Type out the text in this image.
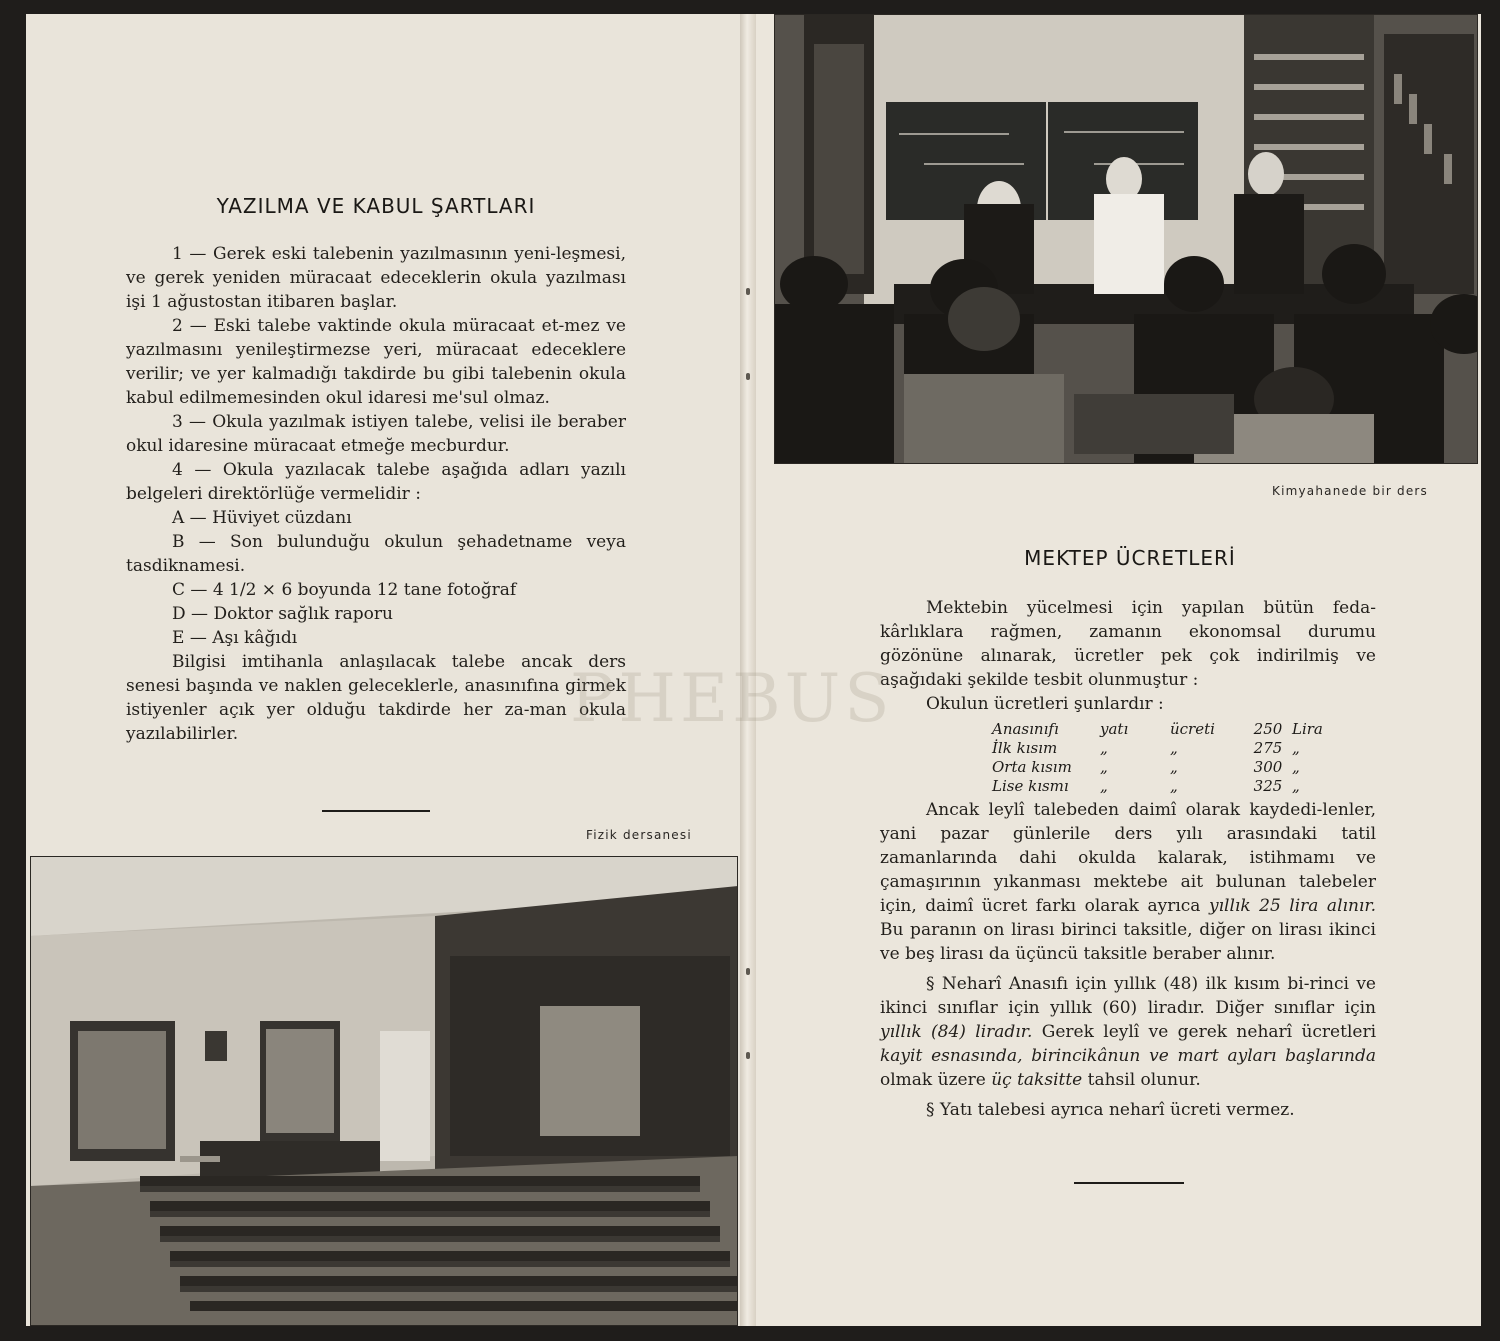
YAZILMA VE KABUL ŞARTLARI

1 — Gerek eski talebenin yazılmasının yeni-leşmesi, ve gerek yeniden müracaat edeceklerin okula yazılması işi 1 ağustostan itibaren başlar.

2 — Eski talebe vaktinde okula müracaat et-mez ve yazılmasını yenileştirmezse yeri, müracaat edeceklere verilir; ve yer kalmadığı takdirde bu gibi talebenin okula kabul edilmemesinden okul idaresi me'sul olmaz.

3 — Okula yazılmak istiyen talebe, velisi ile beraber okul idaresine müracaat etmeğe mecburdur.

4 — Okula yazılacak talebe aşağıda adları yazılı belgeleri direktörlüğe vermelidir :

A — Hüviyet cüzdanı

B — Son bulunduğu okulun şehadetname veya tasdiknamesi.

C — 4 1/2 × 6 boyunda 12 tane fotoğraf

D — Doktor sağlık raporu

E — Aşı kâğıdı

Bilgisi imtihanla anlaşılacak talebe ancak ders senesi başında ve naklen geleceklerle, anasınıfına girmek istiyenler açık yer olduğu takdirde her za-man okula yazılabilirler.

Fizik dersanesi
Kimyahanede bir ders
MEKTEP ÜCRETLERİ

Mektebin yücelmesi için yapılan bütün feda-kârlıklara rağmen, zamanın ekonomsal durumu gözönüne alınarak, ücretler pek çok indirilmiş ve aşağıdaki şekilde tesbit olunmuştur :

Okulun ücretleri şunlardır :

Anasınıfı	yatı	ücreti	250 Lira
İlk kısım	„	„	275 „
Orta kısım	„	„	300 „
Lise kısmı	„	„	325 „

Ancak leylî talebeden daimî olarak kaydedi-lenler, yani pazar günlerile ders yılı arasındaki tatil zamanlarında dahi okulda kalarak, istihmamı ve çamaşırının yıkanması mektebe ait bulunan talebeler için, daimî ücret farkı olarak ayrıca yıllık 25 lira alınır. Bu paranın on lirası birinci taksitle, diğer on lirası ikinci ve beş lirası da üçüncü taksitle beraber alınır.

§ Neharî Anasıfı için yıllık (48) ilk kısım bi-rinci ve ikinci sınıflar için yıllık (60) liradır. Diğer sınıflar için yıllık (84) liradır. Gerek leylî ve gerek neharî ücretleri kayit esnasında, birincikânun ve mart ayları başlarında olmak üzere üç taksitte tahsil olunur.

§ Yatı talebesi ayrıca neharî ücreti vermez.

PHEBUS
